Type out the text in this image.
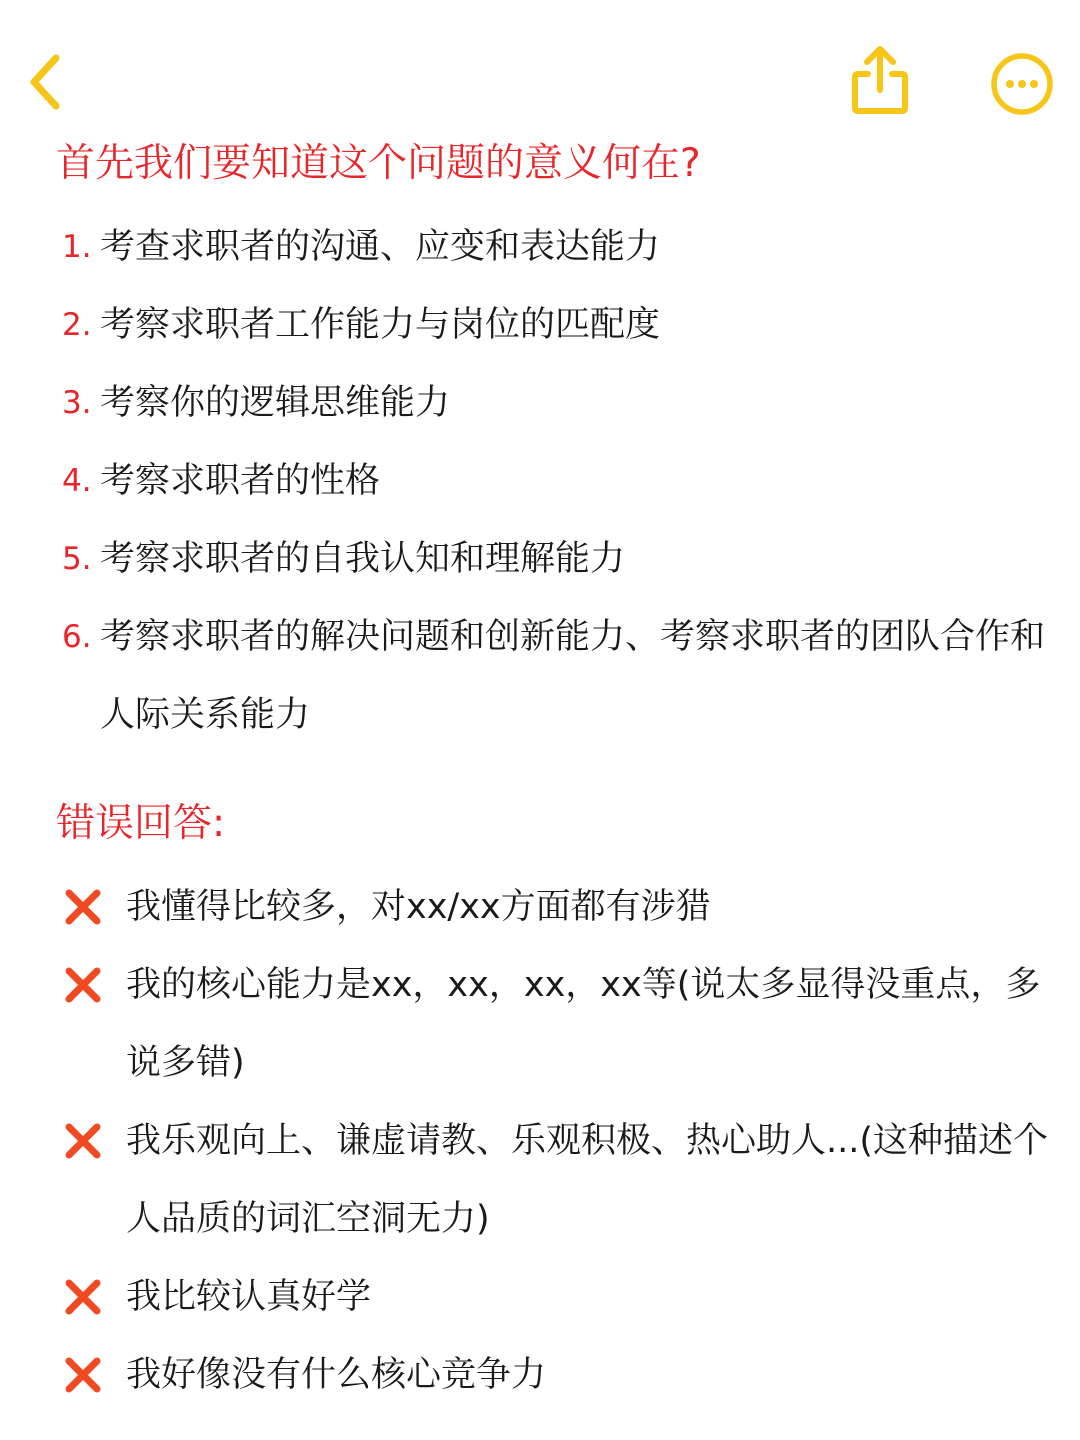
首先我们要知道这个问题的意义何在?
1. 考查求职者的沟通、应变和表达能力
2. 考察求职者工作能力与岗位的匹配度
3. 考察你的逻辑思维能力
4. 考察求职者的性格
5. 考察求职者的自我认知和理解能力
6. 考察求职者的解决问题和创新能力、考察求职者的团队合作和人际关系能力
错误回答:
我懂得比较多，对xx/xx方面都有涉猎
我的核心能力是xx，xx，xx，xx等(说太多显得没重点，多说多错)
我乐观向上、谦虚请教、乐观积极、热心助人...(这种描述个人品质的词汇空洞无力)
我比较认真好学
我好像没有什么核心竞争力
